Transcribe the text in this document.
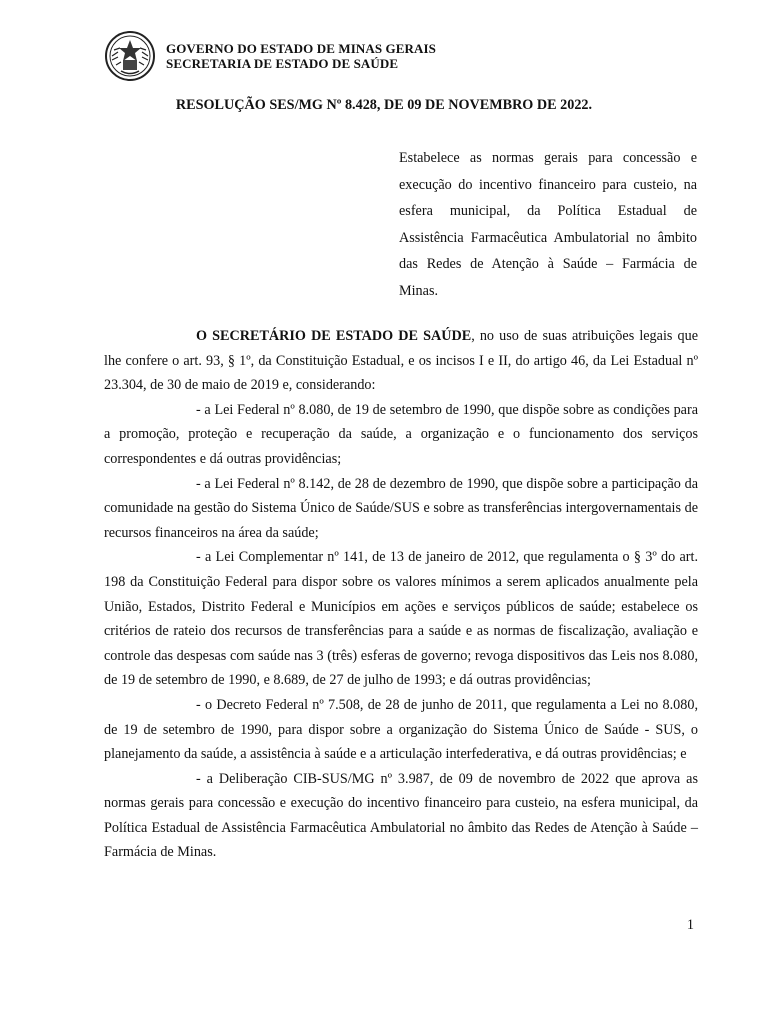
GOVERNO DO ESTADO DE MINAS GERAIS
SECRETARIA DE ESTADO DE SAÚDE
RESOLUÇÃO SES/MG Nº 8.428, DE 09 DE NOVEMBRO DE 2022.

Estabelece as normas gerais para concessão e execução do incentivo financeiro para custeio, na esfera municipal, da Política Estadual de Assistência Farmacêutica Ambulatorial no âmbito das Redes de Atenção à Saúde – Farmácia de Minas.

O SECRETÁRIO DE ESTADO DE SAÚDE, no uso de suas atribuições legais que lhe confere o art. 93, § 1º, da Constituição Estadual, e os incisos I e II, do artigo 46, da Lei Estadual nº 23.304, de 30 de maio de 2019 e, considerando:

- a Lei Federal nº 8.080, de 19 de setembro de 1990, que dispõe sobre as condições para a promoção, proteção e recuperação da saúde, a organização e o funcionamento dos serviços correspondentes e dá outras providências;

- a Lei Federal nº 8.142, de 28 de dezembro de 1990, que dispõe sobre a participação da comunidade na gestão do Sistema Único de Saúde/SUS e sobre as transferências intergovernamentais de recursos financeiros na área da saúde;

- a Lei Complementar nº 141, de 13 de janeiro de 2012, que regulamenta o § 3º do art. 198 da Constituição Federal para dispor sobre os valores mínimos a serem aplicados anualmente pela União, Estados, Distrito Federal e Municípios em ações e serviços públicos de saúde; estabelece os critérios de rateio dos recursos de transferências para a saúde e as normas de fiscalização, avaliação e controle das despesas com saúde nas 3 (três) esferas de governo; revoga dispositivos das Leis nos 8.080, de 19 de setembro de 1990, e 8.689, de 27 de julho de 1993; e dá outras providências;

- o Decreto Federal nº 7.508, de 28 de junho de 2011, que regulamenta a Lei no 8.080, de 19 de setembro de 1990, para dispor sobre a organização do Sistema Único de Saúde - SUS, o planejamento da saúde, a assistência à saúde e a articulação interfederativa, e dá outras providências; e

- a Deliberação CIB-SUS/MG nº 3.987, de 09 de novembro de 2022 que aprova as normas gerais para concessão e execução do incentivo financeiro para custeio, na esfera municipal, da Política Estadual de Assistência Farmacêutica Ambulatorial no âmbito das Redes de Atenção à Saúde – Farmácia de Minas.

1
